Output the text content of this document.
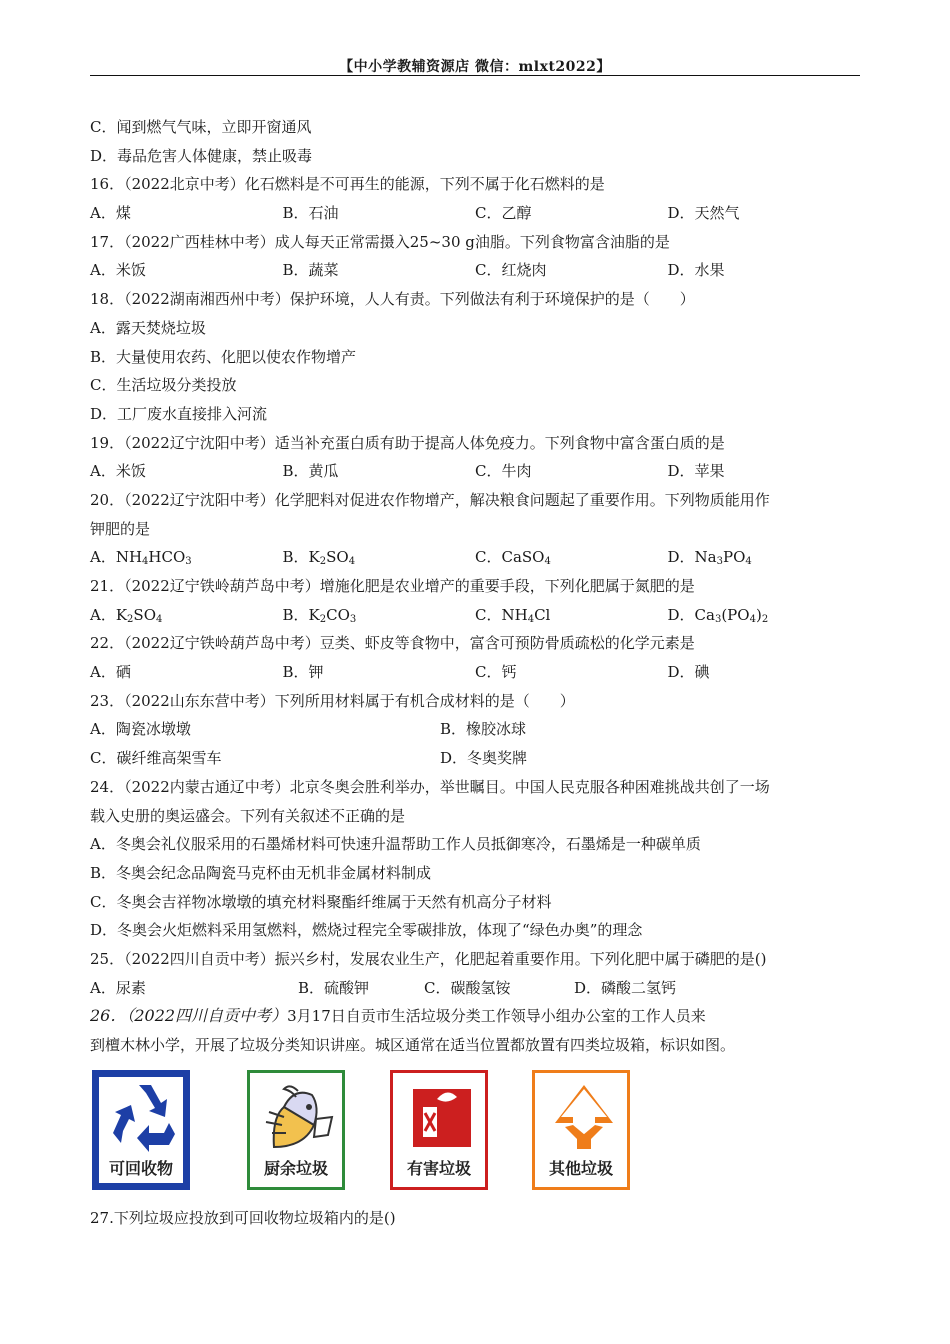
【中小学教辅资源店 微信：mlxt2022】
C．闻到燃气气味，立即开窗通风
D．毒品危害人体健康，禁止吸毒
16．（2022北京中考）化石燃料是不可再生的能源，下列不属于化石燃料的是
A．煤	B．石油	C．乙醇	D．天然气
17．（2022广西桂林中考）成人每天正常需摄入25~30 g油脂。下列食物富含油脂的是
A．米饭	B．蔬菜	C．红烧肉	D．水果
18．（2022湖南湘西州中考）保护环境，人人有责。下列做法有利于环境保护的是（　　）
A．露天焚烧垃圾
B．大量使用农药、化肥以使农作物增产
C．生活垃圾分类投放
D．工厂废水直接排入河流
19．（2022辽宁沈阳中考）适当补充蛋白质有助于提高人体免疫力。下列食物中富含蛋白质的是
A．米饭	B．黄瓜	C．牛肉	D．苹果
20．（2022辽宁沈阳中考）化学肥料对促进农作物增产，解决粮食问题起了重要作用。下列物质能用作
钾肥的是
A．$NH_4HCO_3$	B．$K_2SO_4$	C．CaSO$_4$	D．$Na_3PO_4$
21．（2022辽宁铁岭葫芦岛中考）增施化肥是农业增产的重要手段，下列化肥属于氮肥的是
A．$K_2SO_4$	B．$K_2CO_3$	C．$NH_4Cl$	D．$Ca_3(PO_4)_2$
22．（2022辽宁铁岭葫芦岛中考）豆类、虾皮等食物中，富含可预防骨质疏松的化学元素是
A．硒	B．钾	C．钙	D．碘
23．（2022山东东营中考）下列所用材料属于有机合成材料的是（　　）
A．陶瓷冰墩墩	B．橡胶冰球
C．碳纤维高架雪车	D．冬奥奖牌
24．（2022内蒙古通辽中考）北京冬奥会胜利举办，举世瞩目。中国人民克服各种困难挑战共创了一场
载入史册的奥运盛会。下列有关叙述不正确的是
A．冬奥会礼仪服采用的石墨烯材料可快速升温帮助工作人员抵御寒冷，石墨烯是一种碳单质
B．冬奥会纪念品陶瓷马克杯由无机非金属材料制成
C．冬奥会吉祥物冰墩墩的填充材料聚酯纤维属于天然有机高分子材料
D．冬奥会火炬燃料采用氢燃料，燃烧过程完全零碳排放，体现了“绿色办奥”的理念
25．（2022四川自贡中考）振兴乡村，发展农业生产，化肥起着重要作用。下列化肥中属于磷肥的是()
A．尿素	B．硫酸钾	C．碳酸氢铵	D．磷酸二氢钙
26．（2022四川自贡中考）3月17日自贡市生活垃圾分类工作领导小组办公室的工作人员来
到檀木林小学，开展了垃圾分类知识讲座。城区通常在适当位置都放置有四类垃圾箱，标识如图。
可回收物	厨余垃圾	有害垃圾	其他垃圾
27.下列垃圾应投放到可回收物垃圾箱内的是()
